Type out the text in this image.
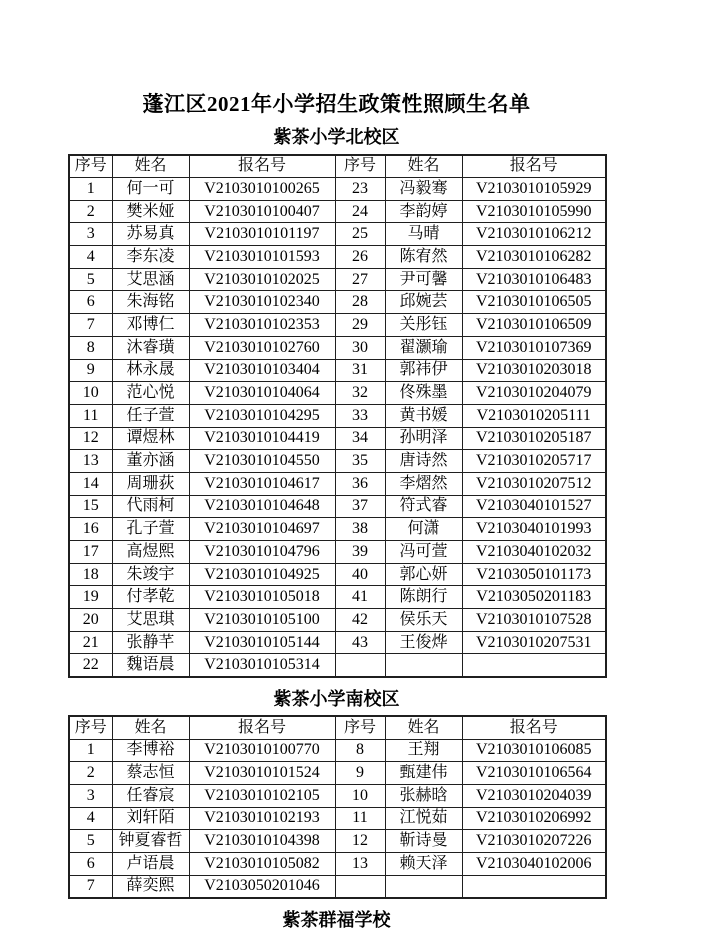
蓬江区2021年小学招生政策性照顾生名单
紫茶小学北校区
序号	姓名	报名号	序号	姓名	报名号
1	何一可	V2103010100265	23	冯毅骞	V2103010105929
2	樊米娅	V2103010100407	24	李韵婷	V2103010105990
3	苏易真	V2103010101197	25	马晴	V2103010106212
4	李东凌	V2103010101593	26	陈宥然	V2103010106282
5	艾思涵	V2103010102025	27	尹可馨	V2103010106483
6	朱海铭	V2103010102340	28	邱婉芸	V2103010106505
7	邓博仁	V2103010102353	29	关彤钰	V2103010106509
8	沐睿璜	V2103010102760	30	翟灏瑜	V2103010107369
9	林永晟	V2103010103404	31	郭祎伊	V2103010203018
10	范心悦	V2103010104064	32	佟殊墨	V2103010204079
11	任子萱	V2103010104295	33	黄书媛	V2103010205111
12	谭煜林	V2103010104419	34	孙明泽	V2103010205187
13	董亦涵	V2103010104550	35	唐诗然	V2103010205717
14	周珊荻	V2103010104617	36	李熠然	V2103010207512
15	代雨柯	V2103010104648	37	符式睿	V2103040101527
16	孔子萱	V2103010104697	38	何潇	V2103040101993
17	高煜熙	V2103010104796	39	冯可萱	V2103040102032
18	朱竣宇	V2103010104925	40	郭心妍	V2103050101173
19	付孝乾	V2103010105018	41	陈朗行	V2103050201183
20	艾思琪	V2103010105100	42	侯乐天	V2103010107528
21	张静芊	V2103010105144	43	王俊烨	V2103010207531
22	魏语晨	V2103010105314			
紫茶小学南校区
序号	姓名	报名号	序号	姓名	报名号
1	李博裕	V2103010100770	8	王翔	V2103010106085
2	蔡志恒	V2103010101524	9	甄建伟	V2103010106564
3	任睿宸	V2103010102105	10	张赫晗	V2103010204039
4	刘轩陌	V2103010102193	11	江悦茹	V2103010206992
5	钟夏睿哲	V2103010104398	12	靳诗曼	V2103010207226
6	卢语晨	V2103010105082	13	赖天泽	V2103040102006
7	薛奕熙	V2103050201046			
紫茶群福学校
